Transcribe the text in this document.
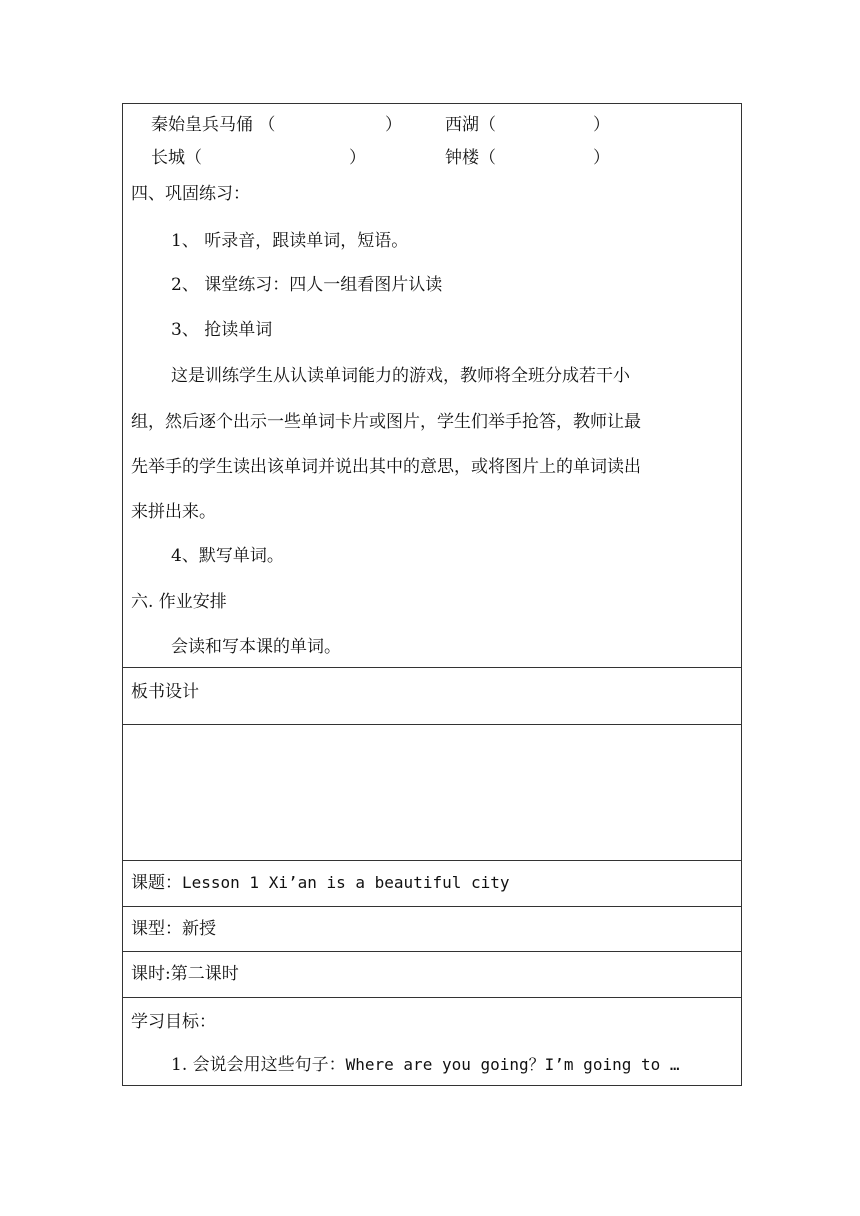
秦始皇兵马俑 （	）	西湖（	）
长城（	）	钟楼（	）
四、巩固练习：
1、 听录音，跟读单词，短语。
2、 课堂练习：四人一组看图片认读
3、 抢读单词
这是训练学生从认读单词能力的游戏，教师将全班分成若干小
组，然后逐个出示一些单词卡片或图片，学生们举手抢答，教师让最
先举手的学生读出该单词并说出其中的意思，或将图片上的单词读出
来拼出来。
4、默写单词。
六. 作业安排
会读和写本课的单词。
板书设计
课题：Lesson 1 Xi’an is a beautiful city
课型：新授
课时:第二课时
学习目标：
1. 会说会用这些句子：Where are you going？I’m going to …
